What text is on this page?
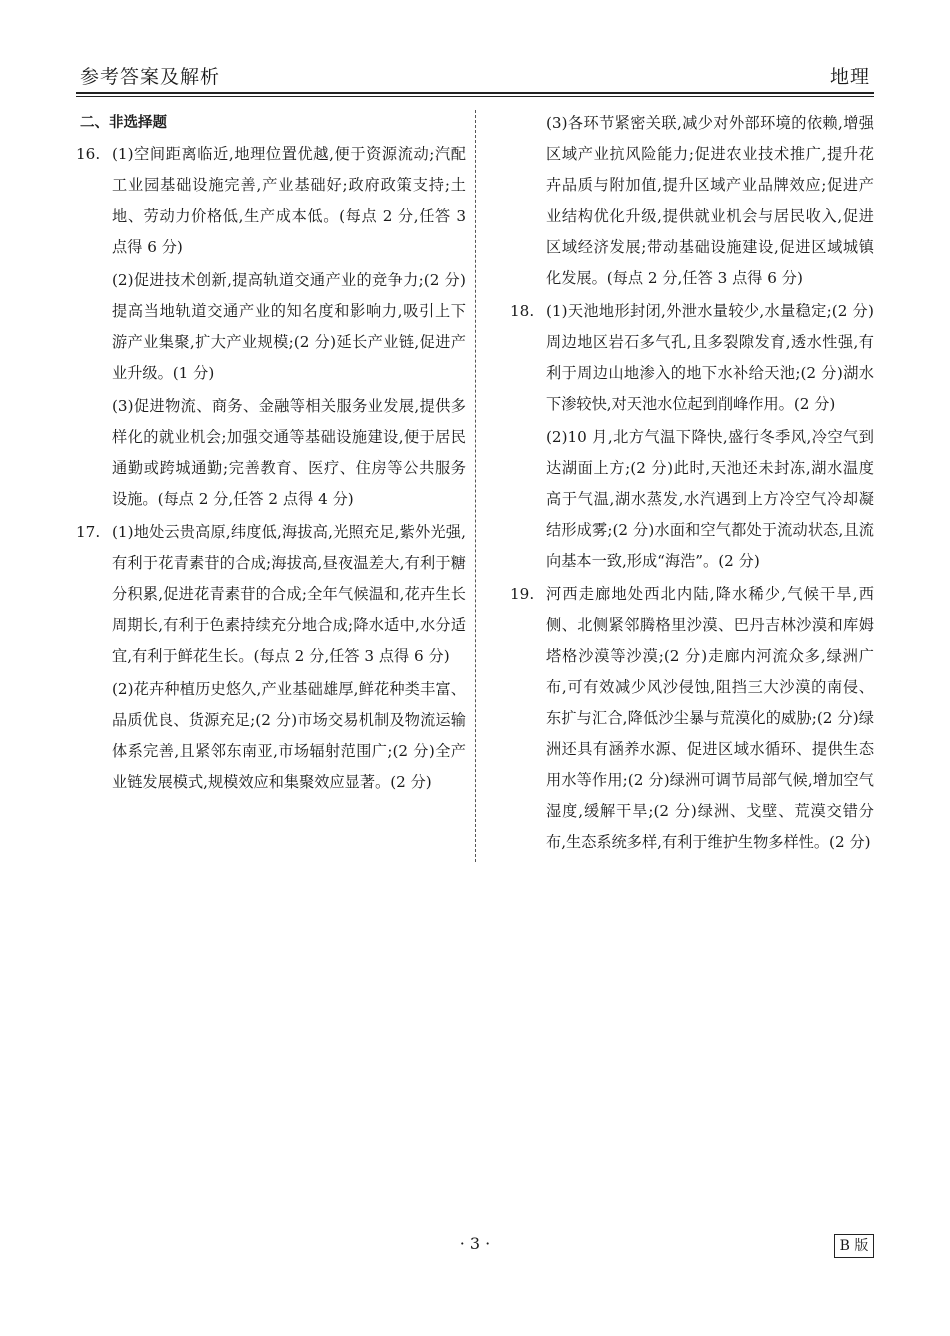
参考答案及解析	地理
二、非选择题
16. (1)空间距离临近,地理位置优越,便于资源流动;汽配工业园基础设施完善,产业基础好;政府政策支持;土地、劳动力价格低,生产成本低。(每点 2 分,任答 3 点得 6 分)

(2)促进技术创新,提高轨道交通产业的竞争力;(2 分)提高当地轨道交通产业的知名度和影响力,吸引上下游产业集聚,扩大产业规模;(2 分)延长产业链,促进产业升级。(1 分)

(3)促进物流、商务、金融等相关服务业发展,提供多样化的就业机会;加强交通等基础设施建设,便于居民通勤或跨城通勤;完善教育、医疗、住房等公共服务设施。(每点 2 分,任答 2 点得 4 分)

17. (1)地处云贵高原,纬度低,海拔高,光照充足,紫外光强,有利于花青素苷的合成;海拔高,昼夜温差大,有利于糖分积累,促进花青素苷的合成;全年气候温和,花卉生长周期长,有利于色素持续充分地合成;降水适中,水分适宜,有利于鲜花生长。(每点 2 分,任答 3 点得 6 分)

(2)花卉种植历史悠久,产业基础雄厚,鲜花种类丰富、品质优良、货源充足;(2 分)市场交易机制及物流运输体系完善,且紧邻东南亚,市场辐射范围广;(2 分)全产业链发展模式,规模效应和集聚效应显著。(2 分)

(3)各环节紧密关联,减少对外部环境的依赖,增强区域产业抗风险能力;促进农业技术推广,提升花卉品质与附加值,提升区域产业品牌效应;促进产业结构优化升级,提供就业机会与居民收入,促进区域经济发展;带动基础设施建设,促进区域城镇化发展。(每点 2 分,任答 3 点得 6 分)

18. (1)天池地形封闭,外泄水量较少,水量稳定;(2 分)周边地区岩石多气孔,且多裂隙发育,透水性强,有利于周边山地渗入的地下水补给天池;(2 分)湖水下渗较快,对天池水位起到削峰作用。(2 分)

(2)10 月,北方气温下降快,盛行冬季风,冷空气到达湖面上方;(2 分)此时,天池还未封冻,湖水温度高于气温,湖水蒸发,水汽遇到上方冷空气冷却凝结形成雾;(2 分)水面和空气都处于流动状态,且流向基本一致,形成“海浩”。(2 分)

19. 河西走廊地处西北内陆,降水稀少,气候干旱,西侧、北侧紧邻腾格里沙漠、巴丹吉林沙漠和库姆塔格沙漠等沙漠;(2 分)走廊内河流众多,绿洲广布,可有效减少风沙侵蚀,阻挡三大沙漠的南侵、东扩与汇合,降低沙尘暴与荒漠化的威胁;(2 分)绿洲还具有涵养水源、促进区域水循环、提供生态用水等作用;(2 分)绿洲可调节局部气候,增加空气湿度,缓解干旱;(2 分)绿洲、戈壁、荒漠交错分布,生态系统多样,有利于维护生物多样性。(2 分)

· 3 ·	B 版
